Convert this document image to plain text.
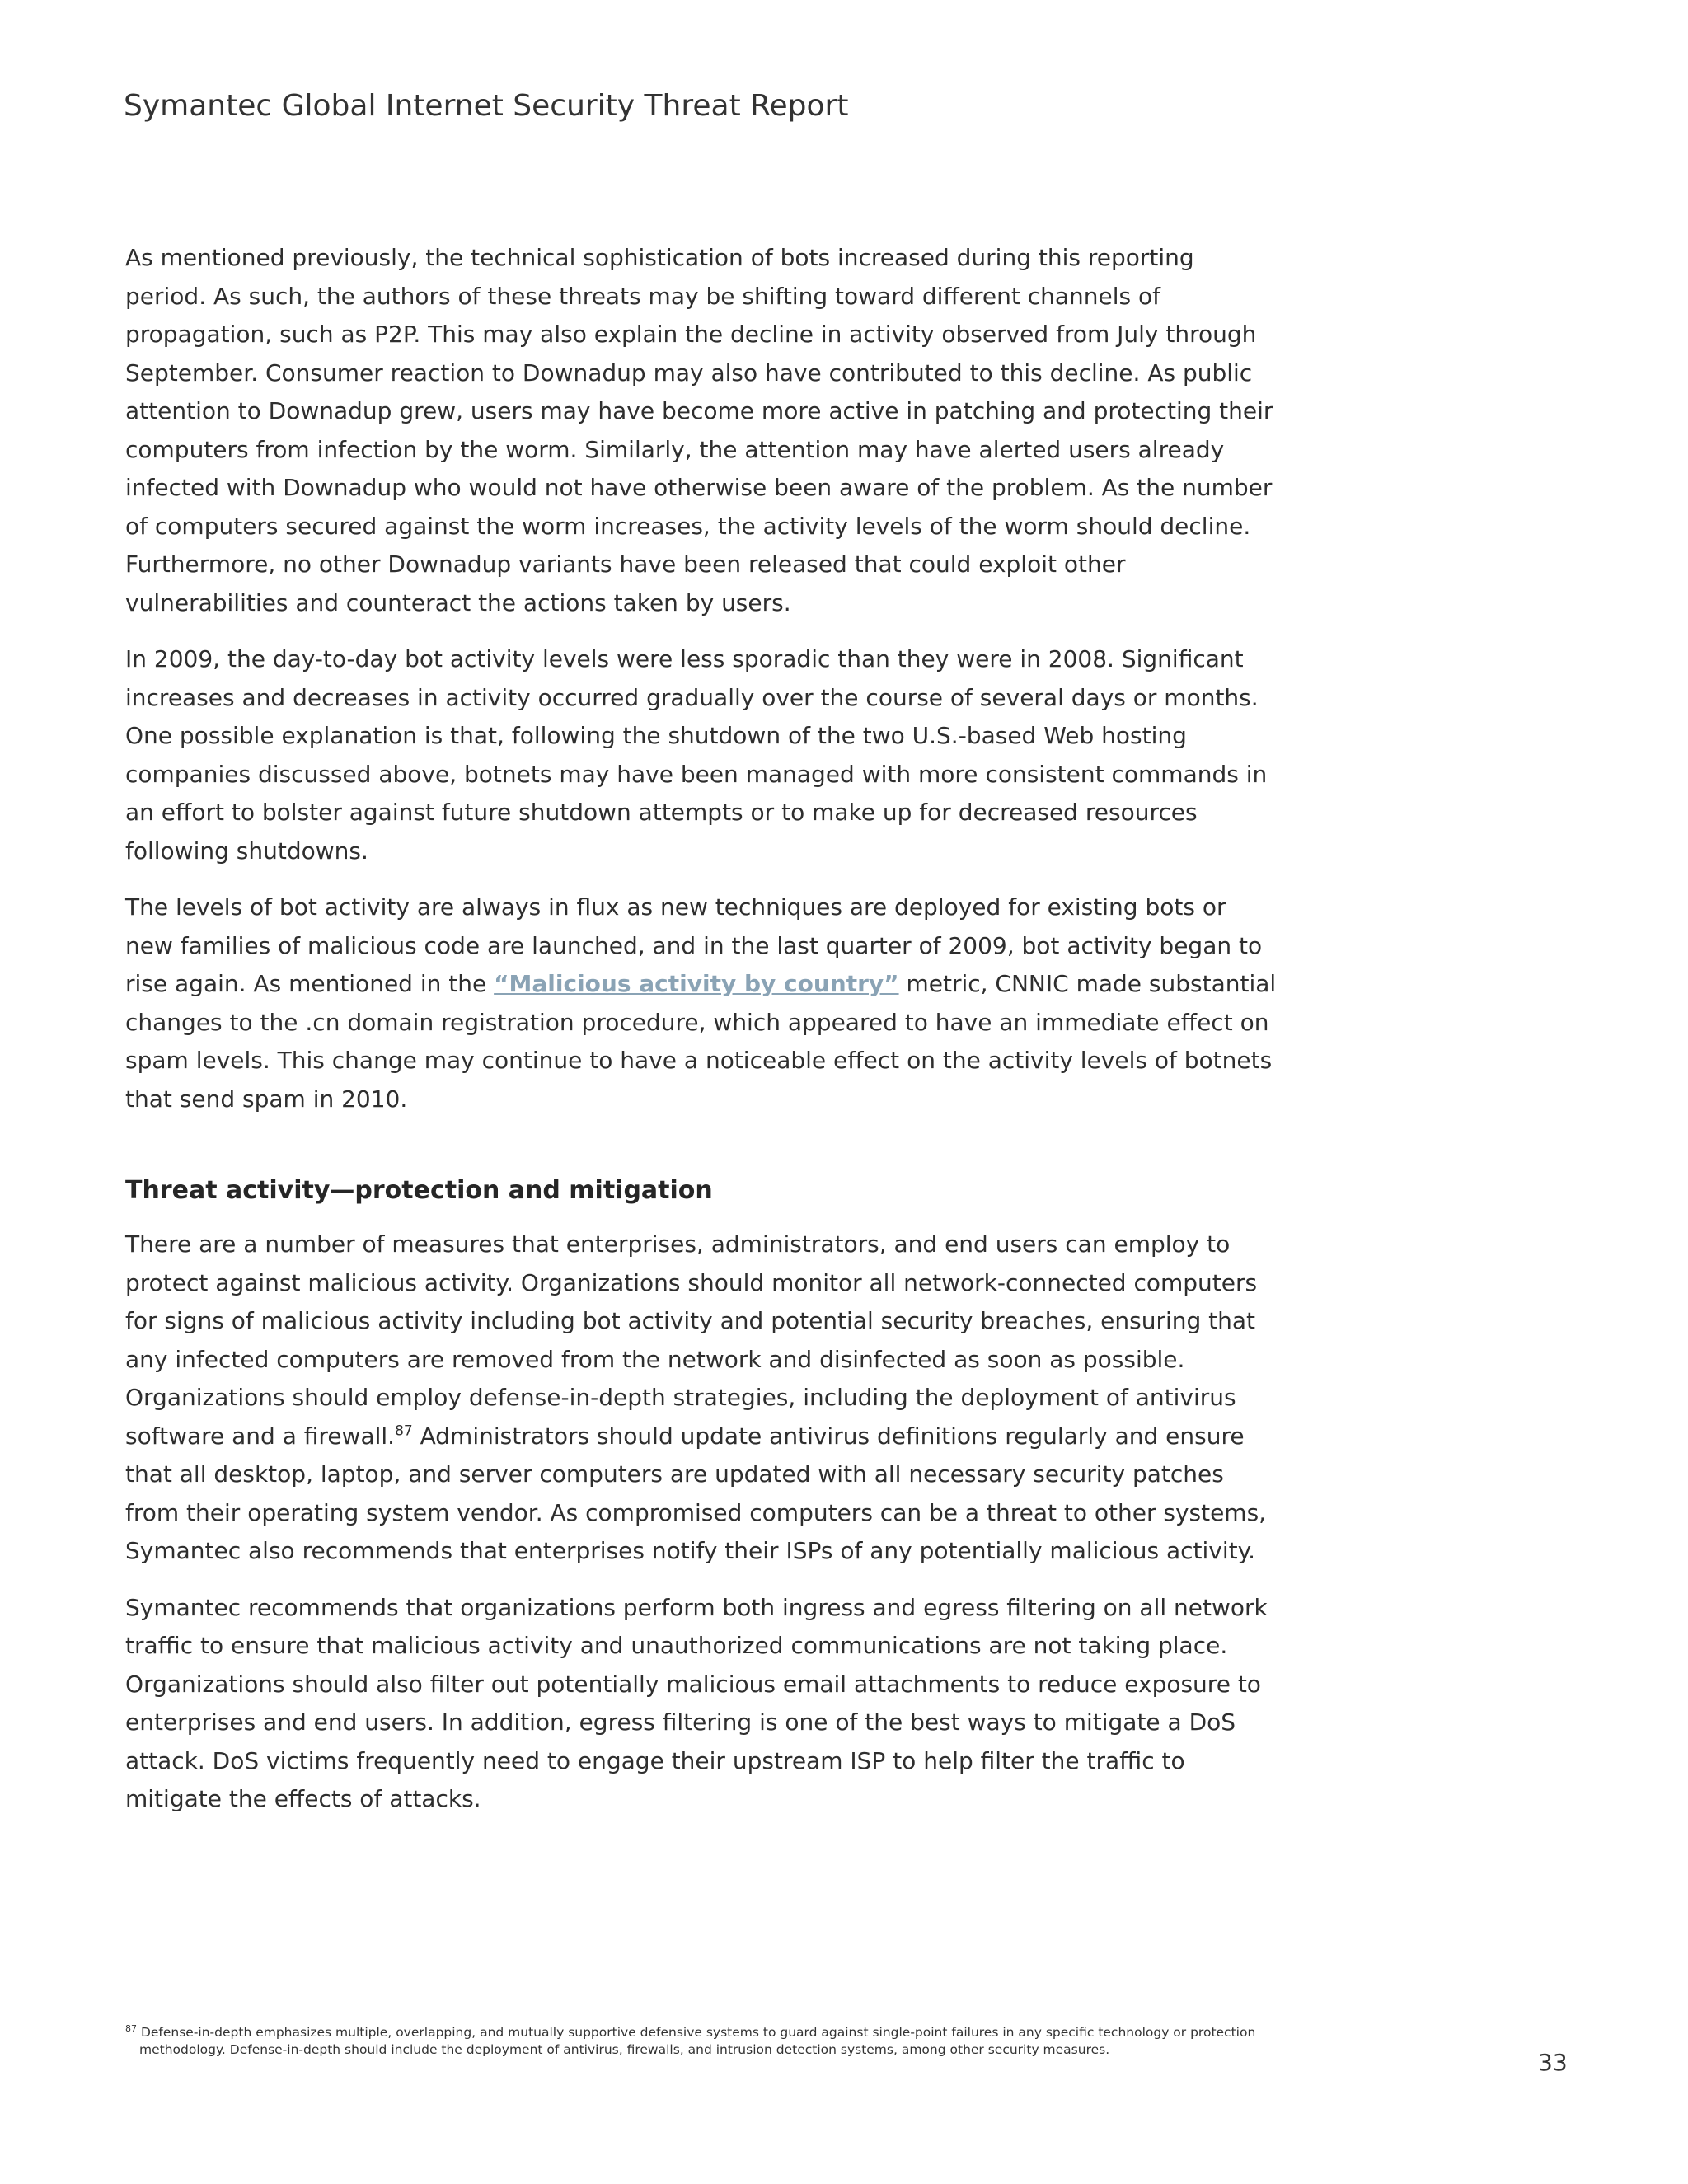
Symantec Global Internet Security Threat Report

As mentioned previously, the technical sophistication of bots increased during this reporting period. As such, the authors of these threats may be shifting toward different channels of propagation, such as P2P. This may also explain the decline in activity observed from July through September. Consumer reaction to Downadup may also have contributed to this decline. As public attention to Downadup grew, users may have become more active in patching and protecting their computers from infection by the worm. Similarly, the attention may have alerted users already infected with Downadup who would not have otherwise been aware of the problem. As the number of computers secured against the worm increases, the activity levels of the worm should decline. Furthermore, no other Downadup variants have been released that could exploit other vulnerabilities and counteract the actions taken by users.

In 2009, the day-to-day bot activity levels were less sporadic than they were in 2008. Significant increases and decreases in activity occurred gradually over the course of several days or months. One possible explanation is that, following the shutdown of the two U.S.-based Web hosting companies discussed above, botnets may have been managed with more consistent commands in an effort to bolster against future shutdown attempts or to make up for decreased resources following shutdowns.

The levels of bot activity are always in flux as new techniques are deployed for existing bots or new families of malicious code are launched, and in the last quarter of 2009, bot activity began to rise again. As mentioned in the “Malicious activity by country” metric, CNNIC made substantial changes to the .cn domain registration procedure, which appeared to have an immediate effect on spam levels. This change may continue to have a noticeable effect on the activity levels of botnets that send spam in 2010.

Threat activity—protection and mitigation

There are a number of measures that enterprises, administrators, and end users can employ to protect against malicious activity. Organizations should monitor all network-connected computers for signs of malicious activity including bot activity and potential security breaches, ensuring that any infected computers are removed from the network and disinfected as soon as possible. Organizations should employ defense-in-depth strategies, including the deployment of antivirus software and a firewall.$^{87}$ Administrators should update antivirus definitions regularly and ensure that all desktop, laptop, and server computers are updated with all necessary security patches from their operating system vendor. As compromised computers can be a threat to other systems, Symantec also recommends that enterprises notify their ISPs of any potentially malicious activity.

Symantec recommends that organizations perform both ingress and egress filtering on all network traffic to ensure that malicious activity and unauthorized communications are not taking place. Organizations should also filter out potentially malicious email attachments to reduce exposure to enterprises and end users. In addition, egress filtering is one of the best ways to mitigate a DoS attack. DoS victims frequently need to engage their upstream ISP to help filter the traffic to mitigate the effects of attacks.

$^{87}$ Defense-in-depth emphasizes multiple, overlapping, and mutually supportive defensive systems to guard against single-point failures in any specific technology or protection methodology. Defense-in-depth should include the deployment of antivirus, firewalls, and intrusion detection systems, among other security measures.	33
